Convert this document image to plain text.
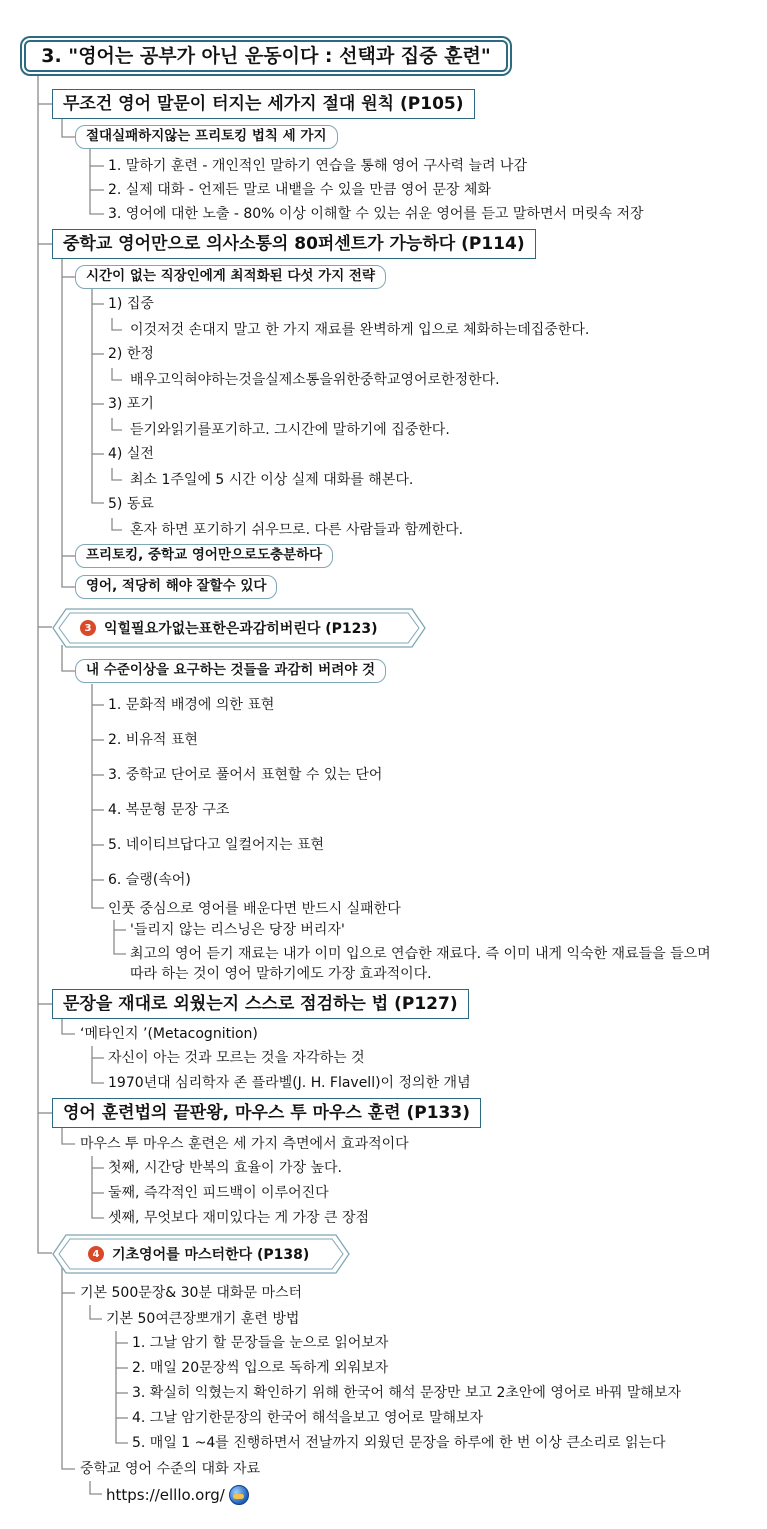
3. "영어는 공부가 아닌 운동이다 : 선택과 집중 훈련"
무조건 영어 말문이 터지는 세가지 절대 원칙 (P105)
절대실패하지않는 프리토킹 법칙 세 가지
1. 말하기 훈련 - 개인적인 말하기 연습을 통해 영어 구사력 늘려 나감
2. 실제 대화 - 언제든 말로 내뱉을 수 있을 만큼 영어 문장 체화
3. 영어에 대한 노출 - 80% 이상 이해할 수 있는 쉬운 영어를 듣고 말하면서 머릿속 저장
중학교 영어만으로 의사소통의 80퍼센트가 가능하다 (P114)
시간이 없는 직장인에게 최적화된 다섯 가지 전략
1) 집중
이것저것 손대지 말고 한 가지 재료를 완벽하게 입으로 체화하는데집중한다.
2) 한정
배우고익혀야하는것을실제소통을위한중학교영어로한정한다.
3) 포기
듣기와읽기를포기하고. 그시간에 말하기에 집중한다.
4) 실전
최소 1주일에 5 시간 이상 실제 대화를 해본다.
5) 동료
혼자 하면 포기하기 쉬우므로. 다른 사람들과 함께한다.
프리토킹, 중학교 영어만으로도충분하다
영어, 적당히 해야 잘할수 있다
3 익힐필요가없는표한은과감히버린다 (P123)
내 수준이상을 요구하는 것들을 과감히 버려야 것
1. 문화적 배경에 의한 표현
2. 비유적 표현
3. 중학교 단어로 풀어서 표현할 수 있는 단어
4. 복문형 문장 구조
5. 네이티브답다고 일컬어지는 표현
6. 슬랭(속어)
인풋 중심으로 영어를 배운다면 반드시 실패한다
'들리지 않는 리스닝은 당장 버리자'
최고의 영어 듣기 재료는 내가 이미 입으로 연습한 재료다. 즉 이미 내게 익숙한 재료들을 들으며
따라 하는 것이 영어 말하기에도 가장 효과적이다.
문장을 재대로 외웠는지 스스로 점검하는 법 (P127)
‘메타인지 ’(Metacognition)
자신이 아는 것과 모르는 것을 자각하는 것
1970년대 심리학자 존 플라벨(J. H. Flavell)이 정의한 개념
영어 훈련법의 끝판왕, 마우스 투 마우스 훈련 (P133)
마우스 투 마우스 훈련은 세 가지 측면에서 효과적이다
첫째, 시간당 반복의 효율이 가장 높다.
둘째, 즉각적인 피드백이 이루어진다
셋째, 무엇보다 재미있다는 게 가장 큰 장점
4 기초영어를 마스터한다 (P138)
기본 500문장& 30분 대화문 마스터
기본 50여큰장뽀개기 훈련 방법
1. 그날 암기 할 문장들을 눈으로 읽어보자
2. 매일 20문장씩 입으로 독하게 외워보자
3. 확실히 익혔는지 확인하기 위해 한국어 해석 문장만 보고 2초안에 영어로 바꿔 말해보자
4. 그날 암기한문장의 한국어 해석을보고 영어로 말해보자
5. 매일 1 ~4를 진행하면서 전날까지 외웠던 문장을 하루에 한 번 이상 큰소리로 읽는다
중학교 영어 수준의 대화 자료
https://elllo.org/
